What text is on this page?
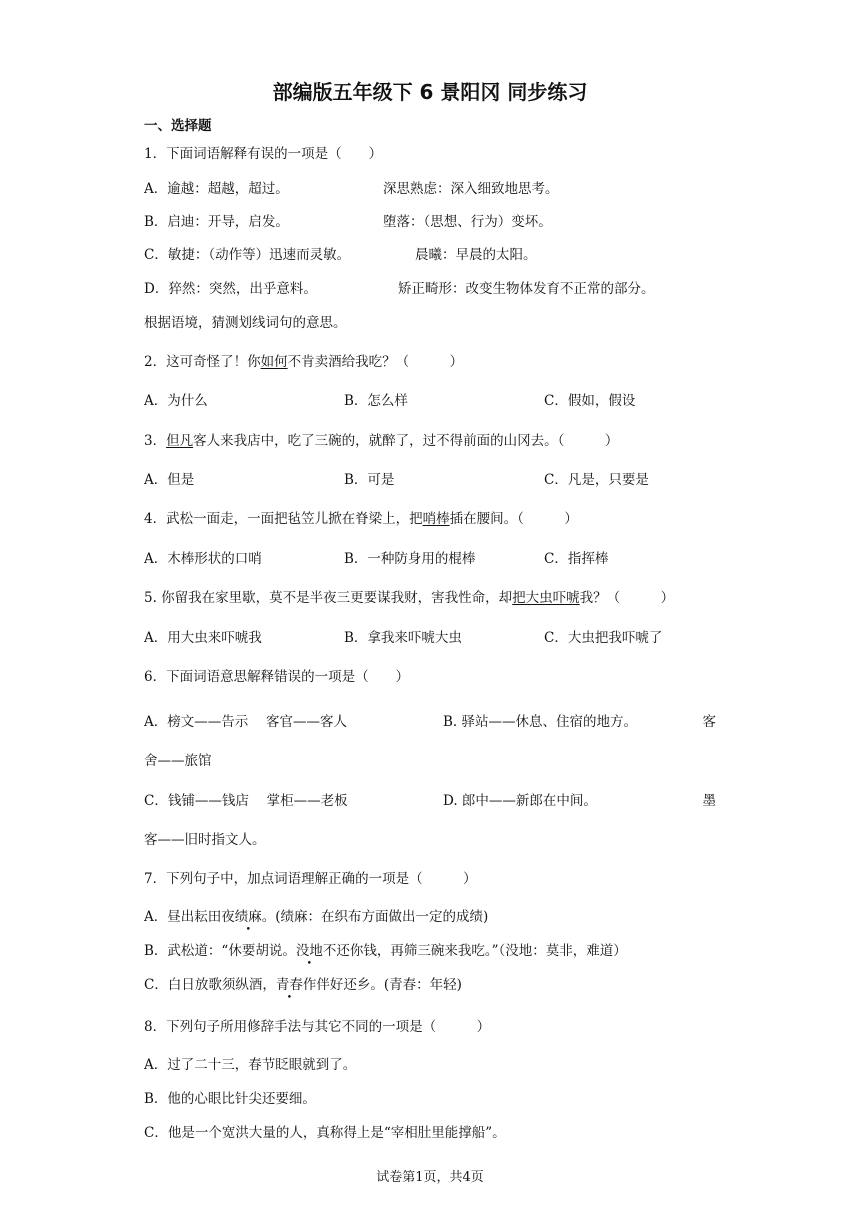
部编版五年级下 6 景阳冈 同步练习
一、选择题
1．下面词语解释有误的一项是（　　）
A．逾越：超越，超过。	深思熟虑：深入细致地思考。
B．启迪：开导，启发。	堕落：（思想、行为）变坏。
C．敏捷：（动作等）迅速而灵敏。	晨曦：早晨的太阳。
D．猝然：突然，出乎意料。	矫正畸形：改变生物体发育不正常的部分。
根据语境，猜测划线词句的意思。
2．这可奇怪了！你如何不肯卖酒给我吃？（　　　）
A．为什么	B．怎么样	C．假如，假设
3．但凡客人来我店中，吃了三碗的，就醉了，过不得前面的山冈去。（　　　）
A．但是	B．可是	C．凡是，只要是
4．武松一面走，一面把毡笠儿掀在脊梁上，把哨棒插在腰间。（　　　）
A．木棒形状的口哨	B．一种防身用的棍棒	C．指挥棒
5. 你留我在家里歇，莫不是半夜三更要谋我财，害我性命，却把大虫吓唬我？（　　　）
A．用大虫来吓唬我	B．拿我来吓唬大虫	C．大虫把我吓唬了
6．下面词语意思解释错误的一项是（　　）
A．榜文——告示　 客官——客人	B. 驿站——休息、住宿的地方。	客
舍——旅馆
C．钱铺——钱店　 掌柜——老板	D. 郎中——新郎在中间。	墨
客——旧时指文人。
7．下列句子中，加点词语理解正确的一项是（　　　）
A．昼出耘田夜绩麻。(绩麻：在织布方面做出一定的成绩)
B．武松道：“休要胡说。没地不还你钱，再筛三碗来我吃。”（没地：莫非，难道）
C．白日放歌须纵酒，青春作伴好还乡。(青春：年轻)
8．下列句子所用修辞手法与其它不同的一项是（　　　）
A．过了二十三，春节眨眼就到了。
B．他的心眼比针尖还要细。
C．他是一个宽洪大量的人，真称得上是“宰相肚里能撑船”。
试卷第1页，共4页
